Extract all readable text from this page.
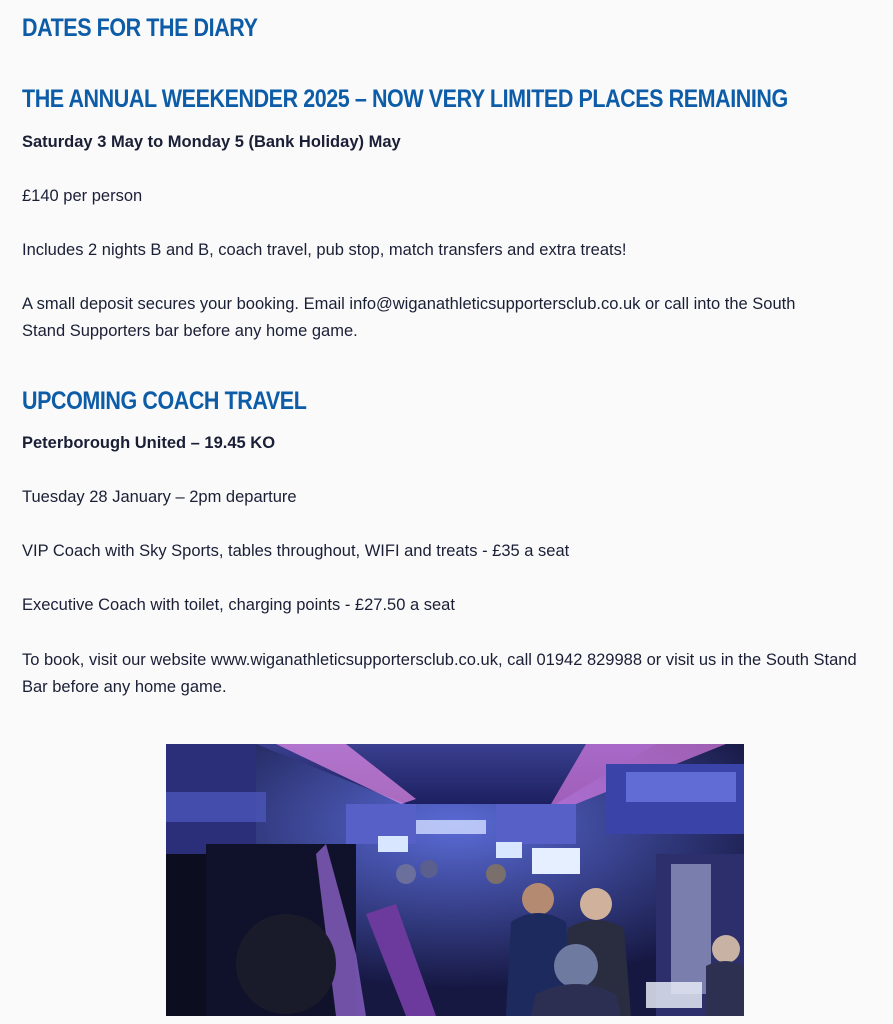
DATES FOR THE DIARY
THE ANNUAL WEEKENDER 2025 – NOW VERY LIMITED PLACES REMAINING

Saturday 3 May to Monday 5 (Bank Holiday) May

£140 per person

Includes 2 nights B and B, coach travel, pub stop, match transfers and extra treats!

A small deposit secures your booking. Email info@wiganathleticsupportersclub.co.uk or call into the South Stand Supporters bar before any home game.

UPCOMING COACH TRAVEL

Peterborough United – 19.45 KO

Tuesday 28 January – 2pm departure

VIP Coach with Sky Sports, tables throughout, WIFI and treats - £35 a seat

Executive Coach with toilet, charging points - £27.50 a seat

To book, visit our website www.wiganathleticsupportersclub.co.uk, call 01942 829988 or visit us in the South Stand Bar before any home game.
